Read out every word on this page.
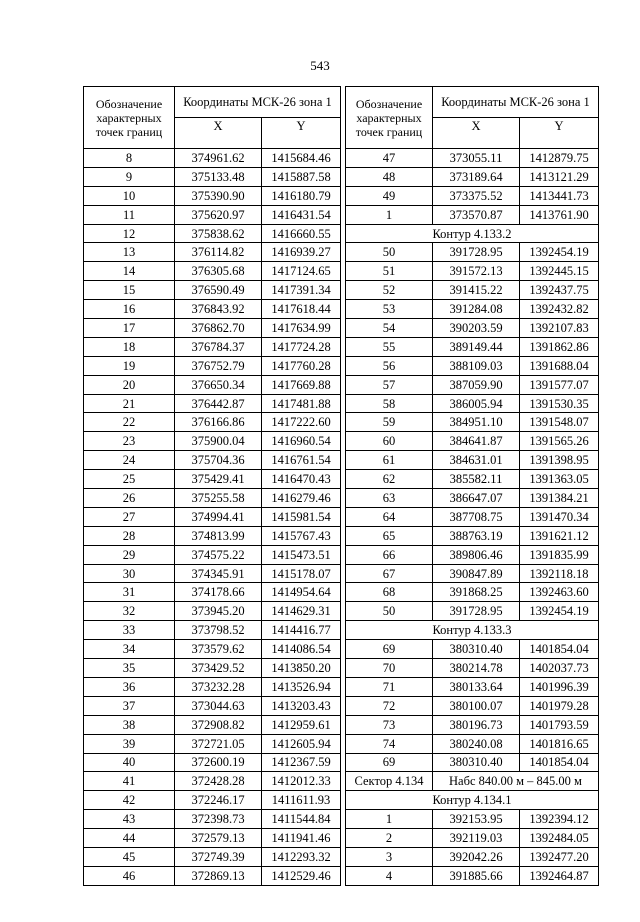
543
Обозначение характерных точек границ	Координаты МСК-26 зона 1	
	X	Y
8	374961.62	1415684.46
9	375133.48	1415887.58
10	375390.90	1416180.79
11	375620.97	1416431.54
12	375838.62	1416660.55
13	376114.82	1416939.27
14	376305.68	1417124.65
15	376590.49	1417391.34
16	376843.92	1417618.44
17	376862.70	1417634.99
18	376784.37	1417724.28
19	376752.79	1417760.28
20	376650.34	1417669.88
21	376442.87	1417481.88
22	376166.86	1417222.60
23	375900.04	1416960.54
24	375704.36	1416761.54
25	375429.41	1416470.43
26	375255.58	1416279.46
27	374994.41	1415981.54
28	374813.99	1415767.43
29	374575.22	1415473.51
30	374345.91	1415178.07
31	374178.66	1414954.64
32	373945.20	1414629.31
33	373798.52	1414416.77
34	373579.62	1414086.54
35	373429.52	1413850.20
36	373232.28	1413526.94
37	373044.63	1413203.43
38	372908.82	1412959.61
39	372721.05	1412605.94
40	372600.19	1412367.59
41	372428.28	1412012.33
42	372246.17	1411611.93
43	372398.73	1411544.84
44	372579.13	1411941.46
45	372749.39	1412293.32
46	372869.13	1412529.46
Обозначение характерных точек границ	Координаты МСК-26 зона 1	
	X	Y
47	373055.11	1412879.75
48	373189.64	1413121.29
49	373375.52	1413441.73
1	373570.87	1413761.90
Контур 4.133.2		
50	391728.95	1392454.19
51	391572.13	1392445.15
52	391415.22	1392437.75
53	391284.08	1392432.82
54	390203.59	1392107.83
55	389149.44	1391862.86
56	388109.03	1391688.04
57	387059.90	1391577.07
58	386005.94	1391530.35
59	384951.10	1391548.07
60	384641.87	1391565.26
61	384631.01	1391398.95
62	385582.11	1391363.05
63	386647.07	1391384.21
64	387708.75	1391470.34
65	388763.19	1391621.12
66	389806.46	1391835.99
67	390847.89	1392118.18
68	391868.25	1392463.60
50	391728.95	1392454.19
Контур 4.133.3		
69	380310.40	1401854.04
70	380214.78	1402037.73
71	380133.64	1401996.39
72	380100.07	1401979.28
73	380196.73	1401793.59
74	380240.08	1401816.65
69	380310.40	1401854.04
Сектор 4.134	Набс 840.00 м – 845.00 м	
Контур 4.134.1		
1	392153.95	1392394.12
2	392119.03	1392484.05
3	392042.26	1392477.20
4	391885.66	1392464.87
